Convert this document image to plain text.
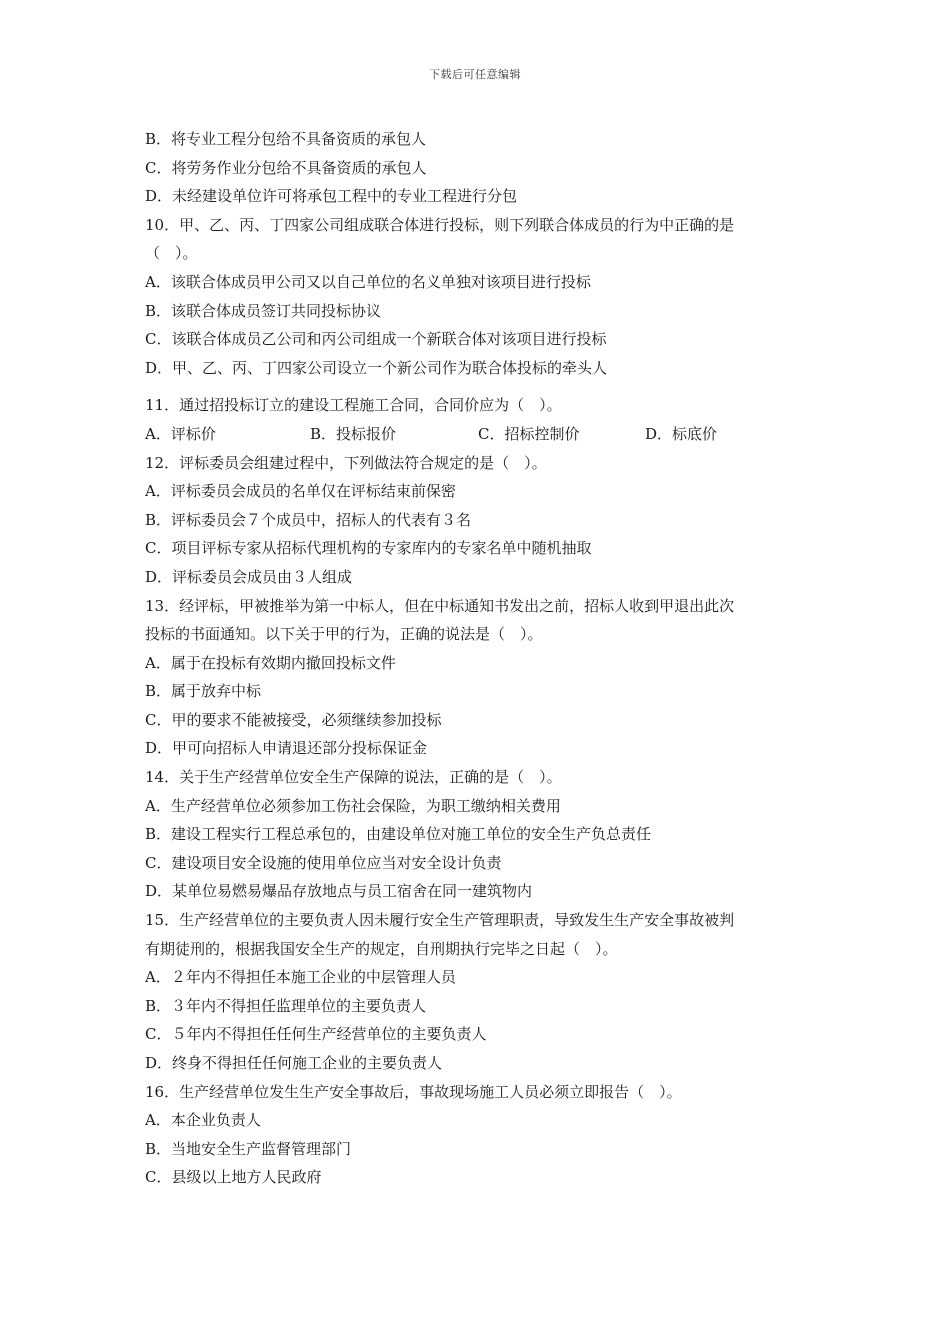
下载后可任意编辑
B．将专业工程分包给不具备资质的承包人
C．将劳务作业分包给不具备资质的承包人
D．未经建设单位许可将承包工程中的专业工程进行分包
10．甲、乙、丙、丁四家公司组成联合体进行投标，则下列联合体成员的行为中正确的是
（　）。
A．该联合体成员甲公司又以自己单位的名义单独对该项目进行投标
B．该联合体成员签订共同投标协议
C．该联合体成员乙公司和丙公司组成一个新联合体对该项目进行投标
D．甲、乙、丙、丁四家公司设立一个新公司作为联合体投标的牵头人
11．通过招投标订立的建设工程施工合同，合同价应为（　）。
A．评标价	B．投标报价	C．招标控制价	D．标底价
12．评标委员会组建过程中，下列做法符合规定的是（　）。
A．评标委员会成员的名单仅在评标结束前保密
B．评标委员会７个成员中，招标人的代表有３名
C．项目评标专家从招标代理机构的专家库内的专家名单中随机抽取
D．评标委员会成员由３人组成
13．经评标，甲被推举为第一中标人，但在中标通知书发出之前，招标人收到甲退出此次
投标的书面通知。以下关于甲的行为，正确的说法是（　）。
A．属于在投标有效期内撤回投标文件
B．属于放弃中标
C．甲的要求不能被接受，必须继续参加投标
D．甲可向招标人申请退还部分投标保证金
14．关于生产经营单位安全生产保障的说法，正确的是（　）。
A．生产经营单位必须参加工伤社会保险，为职工缴纳相关费用
B．建设工程实行工程总承包的，由建设单位对施工单位的安全生产负总责任
C．建设项目安全设施的使用单位应当对安全设计负责
D．某单位易燃易爆品存放地点与员工宿舍在同一建筑物内
15．生产经营单位的主要负责人因未履行安全生产管理职责，导致发生生产安全事故被判
有期徒刑的，根据我国安全生产的规定，自刑期执行完毕之日起（　）。
A．２年内不得担任本施工企业的中层管理人员
B．３年内不得担任监理单位的主要负责人
C．５年内不得担任任何生产经营单位的主要负责人
D．终身不得担任任何施工企业的主要负责人
16．生产经营单位发生生产安全事故后，事故现场施工人员必须立即报告（　）。
A．本企业负责人
B．当地安全生产监督管理部门
C．县级以上地方人民政府
